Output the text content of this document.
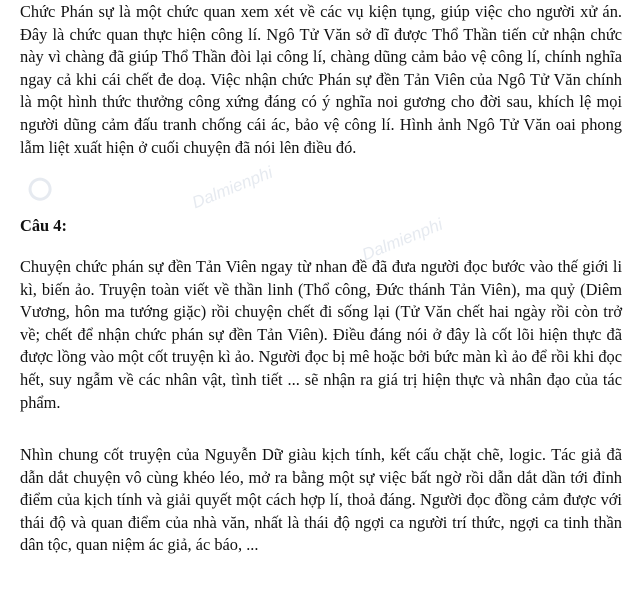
Chức Phán sự là một chức quan xem xét về các vụ kiện tụng, giúp việc cho người xử án. Đây là chức quan thực hiện công lí. Ngô Tử Văn sở dĩ được Thổ Thần tiến cử nhận chức này vì chàng đã giúp Thổ Thần đòi lại công lí, chàng dũng cảm bảo vệ công lí, chính nghĩa ngay cả khi cái chết đe doạ. Việc nhận chức Phán sự đền Tản Viên của Ngô Tử Văn chính là một hình thức thưởng công xứng đáng có ý nghĩa noi gương cho đời sau, khích lệ mọi người dũng cảm đấu tranh chống cái ác, bảo vệ công lí. Hình ảnh Ngô Tử Văn oai phong lẫm liệt xuất hiện ở cuối chuyện đã nói lên điều đó.

Câu 4:

Chuyện chức phán sự đền Tản Viên ngay từ nhan đề đã đưa người đọc bước vào thế giới li kì, biến ảo. Truyện toàn viết về thần linh (Thổ công, Đức thánh Tản Viên), ma quỷ (Diêm Vương, hôn ma tướng giặc) rồi chuyện chết đi sống lại (Tử Văn chết hai ngày rồi còn trở về; chết để nhận chức phán sự đền Tản Viên). Điều đáng nói ở đây là cốt lõi hiện thực đã được lồng vào một cốt truyện kì ảo. Người đọc bị mê hoặc bởi bức màn kì ảo để rồi khi đọc hết, suy ngẫm về các nhân vật, tình tiết ... sẽ nhận ra giá trị hiện thực và nhân đạo của tác phẩm.

Nhìn chung cốt truyện của Nguyễn Dữ giàu kịch tính, kết cấu chặt chẽ, logic. Tác giả đã dẫn dắt chuyện vô cùng khéo léo, mở ra bằng một sự việc bất ngờ rồi dẫn dắt dần tới đỉnh điểm của kịch tính và giải quyết một cách hợp lí, thoả đáng. Người đọc đồng cảm được với thái độ và quan điểm của nhà văn, nhất là thái độ ngợi ca người trí thức, ngợi ca tinh thần dân tộc, quan niệm ác giả, ác báo, ...

Dalmienphi
Dalmienphi
